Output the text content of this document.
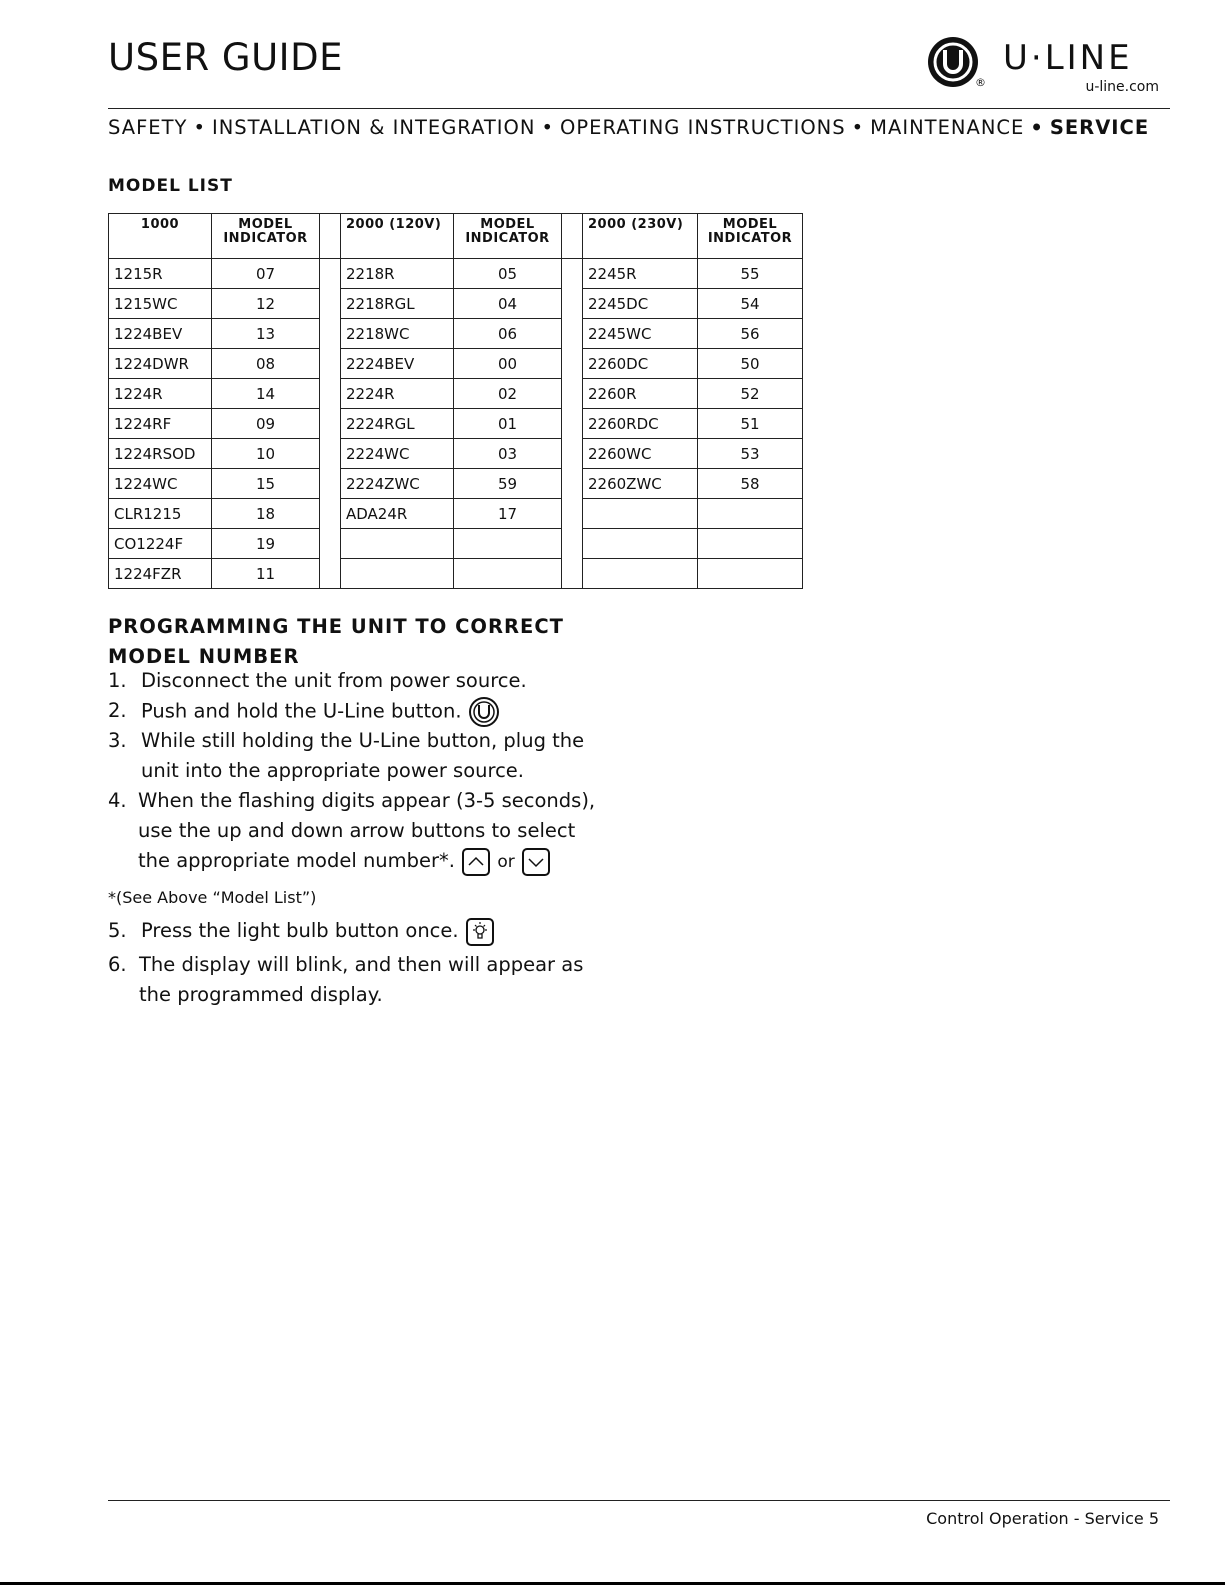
USER GUIDE
®
U·LINE
u-line.com
SAFETY • INSTALLATION & INTEGRATION • OPERATING INSTRUCTIONS • MAINTENANCE • SERVICE
MODEL LIST
1000	MODEL INDICATOR		2000 (120V)	MODEL INDICATOR		2000 (230V)	MODEL INDICATOR
1215R	07		2218R	05		2245R	55
1215WC	12		2218RGL	04		2245DC	54
1224BEV	13		2218WC	06		2245WC	56
1224DWR	08		2224BEV	00		2260DC	50
1224R	14		2224R	02		2260R	52
1224RF	09		2224RGL	01		2260RDC	51
1224RSOD	10		2224WC	03		2260WC	53
1224WC	15		2224ZWC	59		2260ZWC	58
CLR1215	18		ADA24R	17			
CO1224F	19						
1224FZR	11						
PROGRAMMING THE UNIT TO CORRECT
MODEL NUMBER
1. Disconnect the unit from power source.
2. Push and hold the U-Line button.
3. While still holding the U-Line button, plug the unit into the appropriate power source.
4. When the flashing digits appear (3-5 seconds), use the up and down arrow buttons to select the appropriate model number*. or
*(See Above “Model List”)
5. Press the light bulb button once.
6. The display will blink, and then will appear as the programmed display.
Control Operation - Service 5
